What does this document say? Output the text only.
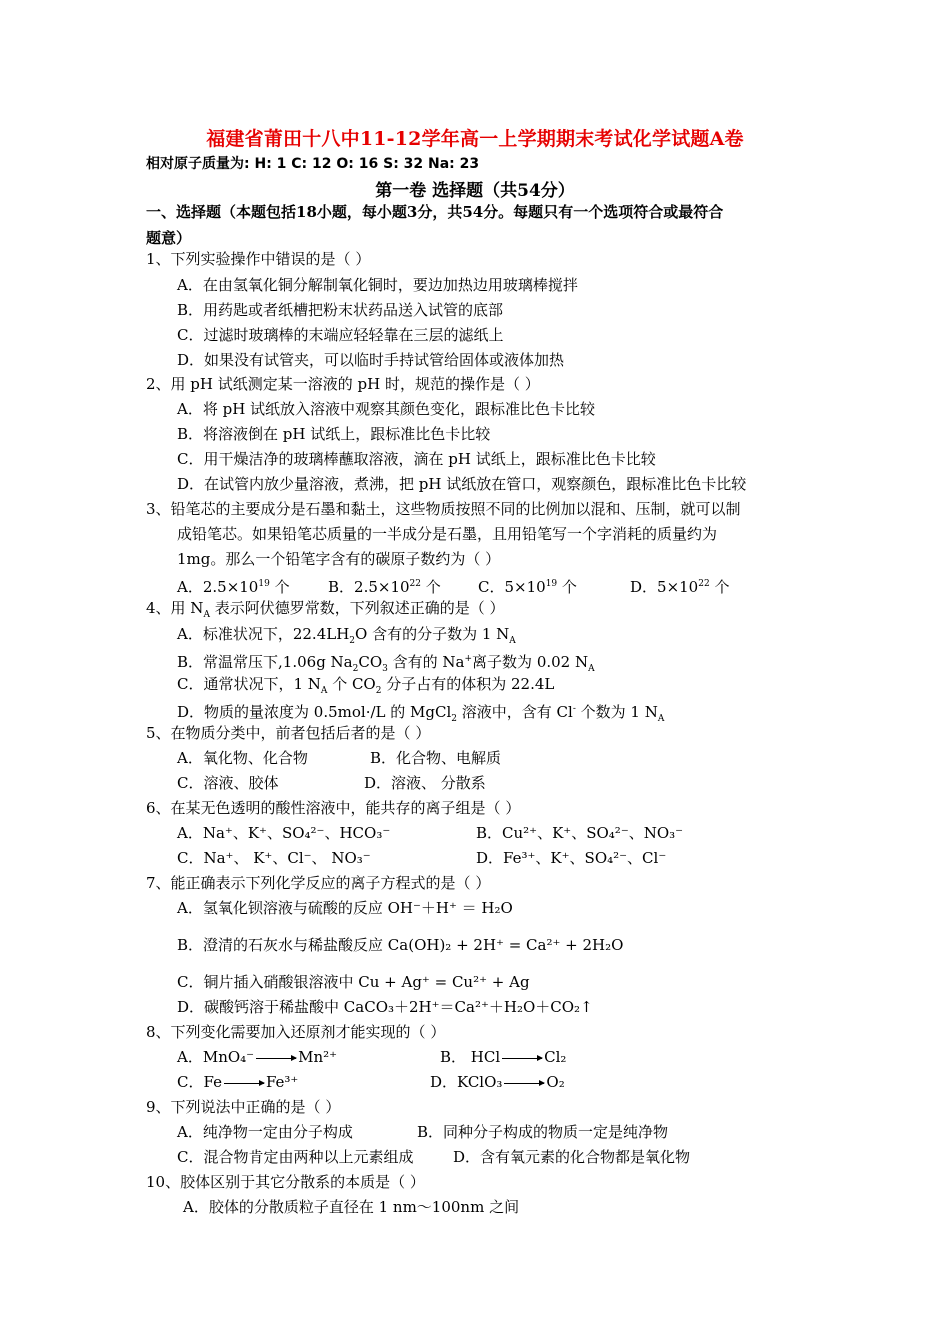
福建省莆田十八中11-12学年高一上学期期末考试化学试题A卷
相对原子质量为: H: 1 C: 12 O: 16 S: 32 Na: 23
第一卷 选择题（共54分）
一、选择题（本题包括18小题，每小题3分，共54分。每题只有一个选项符合或最符合
题意）
1、下列实验操作中错误的是（ ）
A．在由氢氧化铜分解制氧化铜时，要边加热边用玻璃棒搅拌
B．用药匙或者纸槽把粉末状药品送入试管的底部
C．过滤时玻璃棒的末端应轻轻靠在三层的滤纸上
D．如果没有试管夹，可以临时手持试管给固体或液体加热
2、用 pH 试纸测定某一溶液的 pH 时，规范的操作是（ ）
A．将 pH 试纸放入溶液中观察其颜色变化，跟标准比色卡比较
B．将溶液倒在 pH 试纸上，跟标准比色卡比较
C．用干燥洁净的玻璃棒蘸取溶液，滴在 pH 试纸上，跟标准比色卡比较
D．在试管内放少量溶液，煮沸，把 pH 试纸放在管口，观察颜色，跟标准比色卡比较
3、铅笔芯的主要成分是石墨和黏土，这些物质按照不同的比例加以混和、压制，就可以制
成铅笔芯。如果铅笔芯质量的一半成分是石墨，且用铅笔写一个字消耗的质量约为
1mg。那么一个铅笔字含有的碳原子数约为（ ）
A．$2.5\times 10^{19}$ 个	B．$2.5\times 10^{22}$ 个 C．$5\times 10^{19}$ 个	D．$5\times 10^{22}$ 个
4、用 $N_A$ 表示阿伏德罗常数，下列叙述正确的是（ ）
A．标准状况下，$22.4LH_2O$ 含有的分子数为 1 $N_A$
B．常温常压下,1.06g $Na_2CO_3$ 含有的 Na+离子数为 0.02 $N_A$
C．通常状况下，1 $N_A$ 个 $CO_2$ 分子占有的体积为 22.4L
D．物质的量浓度为 0.5mol·/L 的 MgCl$_2$ 溶液中，含有 Cl- 个数为 1 $N_A$
5、在物质分类中，前者包括后者的是（ ）
A．氧化物、化合物	B．化合物、电解质
C．溶液、胶体	D．溶液、 分散系
6、在某无色透明的酸性溶液中，能共存的离子组是（ ）
A．Na⁺、K⁺、SO₄²⁻、HCO₃⁻	B．Cu²⁺、K⁺、SO₄²⁻、NO₃⁻
C．Na⁺、 K⁺、Cl⁻、 NO₃⁻	D．Fe³⁺、K⁺、SO₄²⁻、Cl⁻
7、能正确表示下列化学反应的离子方程式的是（ ）
A．氢氧化钡溶液与硫酸的反应 OH⁻＋H⁺ ＝ H₂O
B．澄清的石灰水与稀盐酸反应 Ca(OH)₂ + 2H⁺ = Ca²⁺ + 2H₂O
C．铜片插入硝酸银溶液中 Cu + Ag⁺ = Cu²⁺ + Ag
D．碳酸钙溶于稀盐酸中 CaCO₃＋2H⁺＝Ca²⁺＋H₂O＋CO₂↑
8、下列变化需要加入还原剂才能实现的（ ）
A．MnO₄⁻ → Mn²⁺	B． HCl → Cl₂
C．Fe → Fe³⁺	D．KClO₃ → O₂
9、下列说法中正确的是（ ）
A．纯净物一定由分子构成	B．同种分子构成的物质一定是纯净物
C．混合物肯定由两种以上元素组成	D．含有氧元素的化合物都是氧化物
10、胶体区别于其它分散系的本质是（ ）
A．胶体的分散质粒子直径在 1 nm～100nm 之间
